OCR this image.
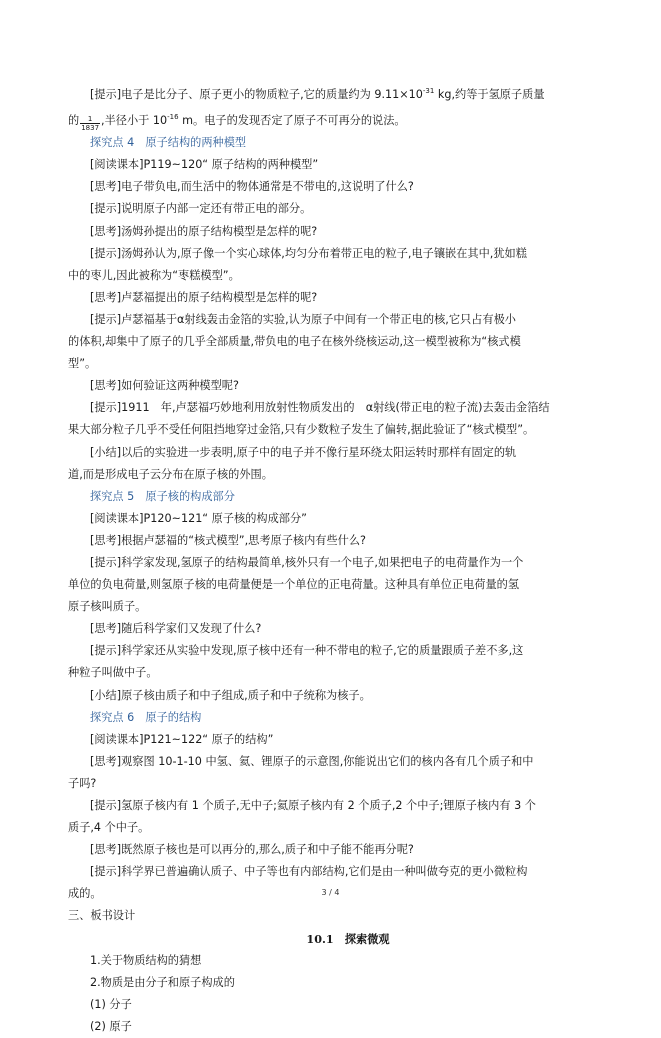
[提示]电子是比分子、原子更小的物质粒子,它的质量约为 $9.11\times 10^{-31}$ kg,约等于氢原子质量

的 $\frac{1}{1837}$ ,半径小于 $10^{-16}$ m。电子的发现否定了原子不可再分的说法。

探究点 4　原子结构的两种模型

[阅读课本]P119~120“ 原子结构的两种模型”

[思考]电子带负电,而生活中的物体通常是不带电的,这说明了什么?

[提示]说明原子内部一定还有带正电的部分。

[思考]汤姆孙提出的原子结构模型是怎样的呢?

[提示]汤姆孙认为,原子像一个实心球体,均匀分布着带正电的粒子,电子镶嵌在其中,犹如糕

中的枣儿,因此被称为“枣糕模型”。

[思考]卢瑟福提出的原子结构模型是怎样的呢?

[提示]卢瑟福基于α射线轰击金箔的实验,认为原子中间有一个带正电的核,它只占有极小

的体积,却集中了原子的几乎全部质量,带负电的电子在核外绕核运动,这一模型被称为“核式模

型”。

[思考]如何验证这两种模型呢?

[提示]1911　年,卢瑟福巧妙地利用放射性物质发出的　α射线(带正电的粒子流)去轰击金箔结

果大部分粒子几乎不受任何阻挡地穿过金箔,只有少数粒子发生了偏转,据此验证了“核式模型”。

[小结]以后的实验进一步表明,原子中的电子并不像行星环绕太阳运转时那样有固定的轨

道,而是形成电子云分布在原子核的外围。

探究点 5　原子核的构成部分

[阅读课本]P120~121“ 原子核的构成部分”

[思考]根据卢瑟福的“核式模型”,思考原子核内有些什么?

[提示]科学家发现,氢原子的结构最简单,核外只有一个电子,如果把电子的电荷量作为一个

单位的负电荷量,则氢原子核的电荷量便是一个单位的正电荷量。这种具有单位正电荷量的氢

原子核叫质子。

[思考]随后科学家们又发现了什么?

[提示]科学家还从实验中发现,原子核中还有一种不带电的粒子,它的质量跟质子差不多,这

种粒子叫做中子。

[小结]原子核由质子和中子组成,质子和中子统称为核子。

探究点 6　原子的结构

[阅读课本]P121~122“ 原子的结构”

[思考]观察图 10-1-10 中氢、氦、锂原子的示意图,你能说出它们的核内各有几个质子和中

子吗?

[提示]氢原子核内有 1 个质子,无中子;氦原子核内有 2 个质子,2 个中子;锂原子核内有 3 个

质子,4 个中子。

[思考]既然原子核也是可以再分的,那么,质子和中子能不能再分呢?

[提示]科学界已普遍确认质子、中子等也有内部结构,它们是由一种叫做夸克的更小微粒构

成的。

三、板书设计

10.1　探索微观

1.关于物质结构的猜想

2.物质是由分子和原子构成的

(1) 分子

(2) 原子

3 / 4
